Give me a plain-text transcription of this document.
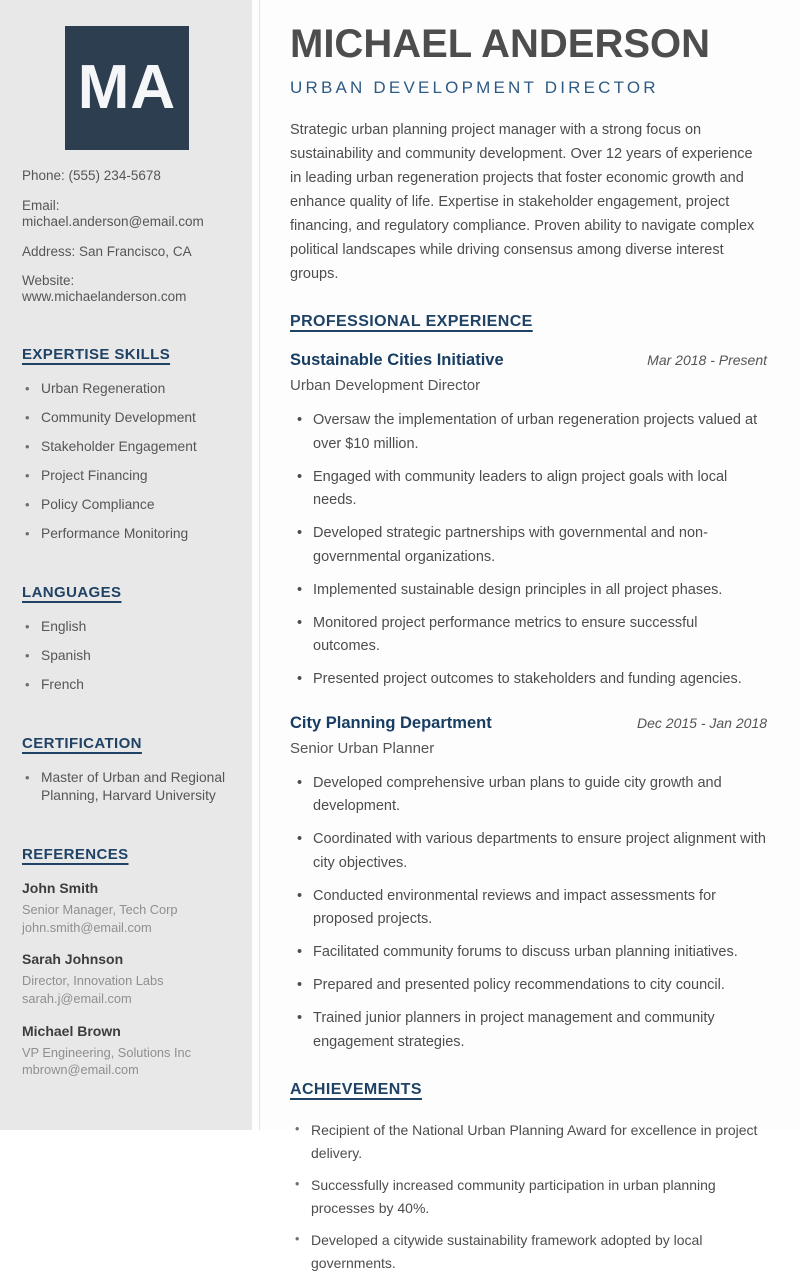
MA
Phone: (555) 234-5678
Email: michael.anderson@email.com
Address: San Francisco, CA
Website: www.michaelanderson.com
EXPERTISE SKILLS
• Urban Regeneration
• Community Development
• Stakeholder Engagement
• Project Financing
• Policy Compliance
• Performance Monitoring
LANGUAGES
• English
• Spanish
• French
CERTIFICATION
• Master of Urban and Regional Planning, Harvard University
REFERENCES
John Smith
Senior Manager, Tech Corp
john.smith@email.com
Sarah Johnson
Director, Innovation Labs
sarah.j@email.com
Michael Brown
VP Engineering, Solutions Inc
mbrown@email.com
MICHAEL ANDERSON
URBAN DEVELOPMENT DIRECTOR

Strategic urban planning project manager with a strong focus on sustainability and community development. Over 12 years of experience in leading urban regeneration projects that foster economic growth and enhance quality of life. Expertise in stakeholder engagement, project financing, and regulatory compliance. Proven ability to navigate complex political landscapes while driving consensus among diverse interest groups.

PROFESSIONAL EXPERIENCE
Sustainable Cities Initiative	Mar 2018 - Present
Urban Development Director
• Oversaw the implementation of urban regeneration projects valued at over $10 million.
• Engaged with community leaders to align project goals with local needs.
• Developed strategic partnerships with governmental and non-governmental organizations.
• Implemented sustainable design principles in all project phases.
• Monitored project performance metrics to ensure successful outcomes.
• Presented project outcomes to stakeholders and funding agencies.
City Planning Department	Dec 2015 - Jan 2018
Senior Urban Planner
• Developed comprehensive urban plans to guide city growth and development.
• Coordinated with various departments to ensure project alignment with city objectives.
• Conducted environmental reviews and impact assessments for proposed projects.
• Facilitated community forums to discuss urban planning initiatives.
• Prepared and presented policy recommendations to city council.
• Trained junior planners in project management and community engagement strategies.
ACHIEVEMENTS
• Recipient of the National Urban Planning Award for excellence in project delivery.
• Successfully increased community participation in urban planning processes by 40%.
• Developed a citywide sustainability framework adopted by local governments.
